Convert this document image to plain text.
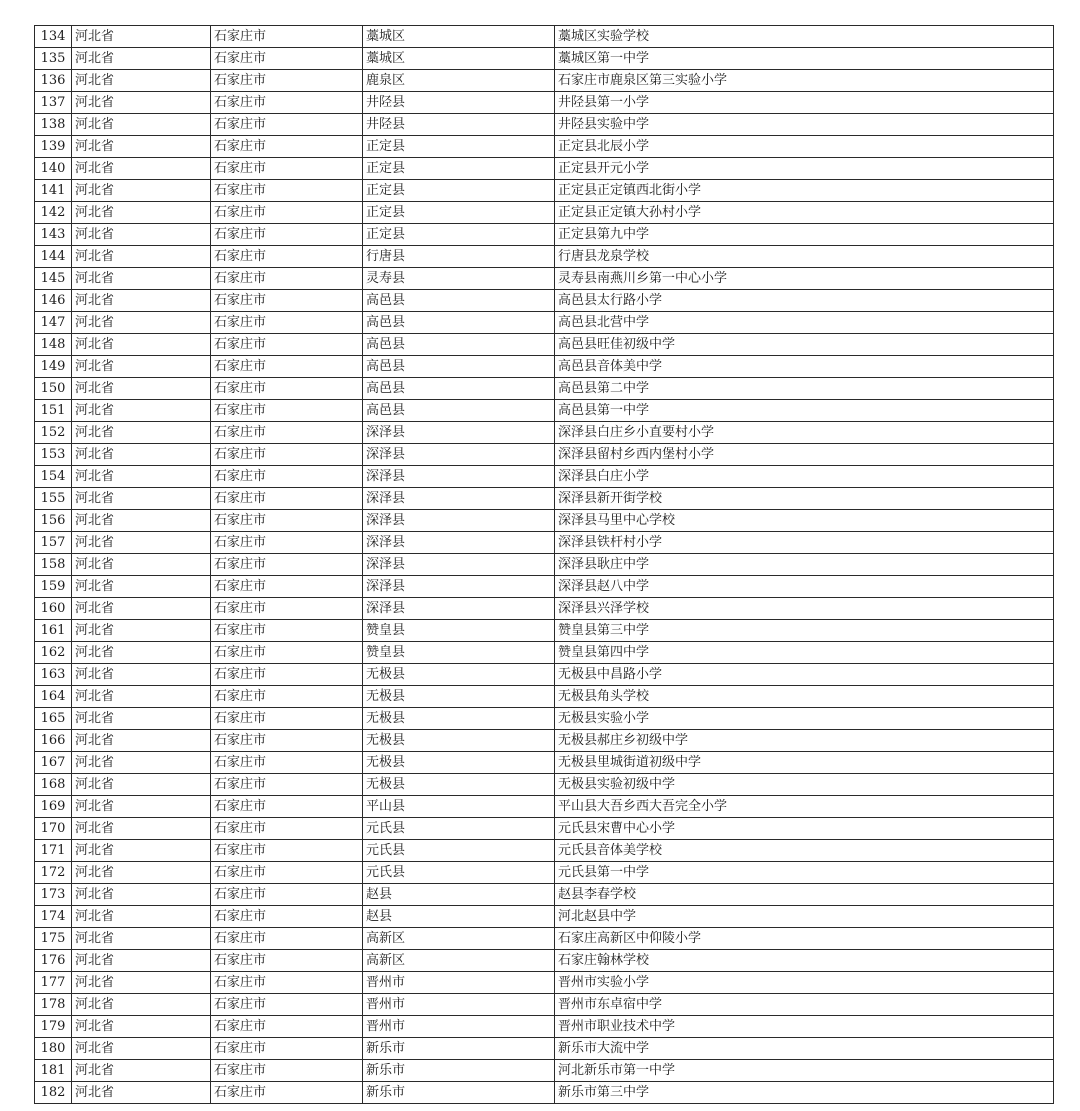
134	河北省	石家庄市	藁城区	藁城区实验学校
135	河北省	石家庄市	藁城区	藁城区第一中学
136	河北省	石家庄市	鹿泉区	石家庄市鹿泉区第三实验小学
137	河北省	石家庄市	井陉县	井陉县第一小学
138	河北省	石家庄市	井陉县	井陉县实验中学
139	河北省	石家庄市	正定县	正定县北辰小学
140	河北省	石家庄市	正定县	正定县开元小学
141	河北省	石家庄市	正定县	正定县正定镇西北街小学
142	河北省	石家庄市	正定县	正定县正定镇大孙村小学
143	河北省	石家庄市	正定县	正定县第九中学
144	河北省	石家庄市	行唐县	行唐县龙泉学校
145	河北省	石家庄市	灵寿县	灵寿县南燕川乡第一中心小学
146	河北省	石家庄市	高邑县	高邑县太行路小学
147	河北省	石家庄市	高邑县	高邑县北营中学
148	河北省	石家庄市	高邑县	高邑县旺佳初级中学
149	河北省	石家庄市	高邑县	高邑县音体美中学
150	河北省	石家庄市	高邑县	高邑县第二中学
151	河北省	石家庄市	高邑县	高邑县第一中学
152	河北省	石家庄市	深泽县	深泽县白庄乡小直要村小学
153	河北省	石家庄市	深泽县	深泽县留村乡西内堡村小学
154	河北省	石家庄市	深泽县	深泽县白庄小学
155	河北省	石家庄市	深泽县	深泽县新开街学校
156	河北省	石家庄市	深泽县	深泽县马里中心学校
157	河北省	石家庄市	深泽县	深泽县铁杆村小学
158	河北省	石家庄市	深泽县	深泽县耿庄中学
159	河北省	石家庄市	深泽县	深泽县赵八中学
160	河北省	石家庄市	深泽县	深泽县兴泽学校
161	河北省	石家庄市	赞皇县	赞皇县第三中学
162	河北省	石家庄市	赞皇县	赞皇县第四中学
163	河北省	石家庄市	无极县	无极县中昌路小学
164	河北省	石家庄市	无极县	无极县角头学校
165	河北省	石家庄市	无极县	无极县实验小学
166	河北省	石家庄市	无极县	无极县郝庄乡初级中学
167	河北省	石家庄市	无极县	无极县里城街道初级中学
168	河北省	石家庄市	无极县	无极县实验初级中学
169	河北省	石家庄市	平山县	平山县大吾乡西大吾完全小学
170	河北省	石家庄市	元氏县	元氏县宋曹中心小学
171	河北省	石家庄市	元氏县	元氏县音体美学校
172	河北省	石家庄市	元氏县	元氏县第一中学
173	河北省	石家庄市	赵县	赵县李春学校
174	河北省	石家庄市	赵县	河北赵县中学
175	河北省	石家庄市	高新区	石家庄高新区中仰陵小学
176	河北省	石家庄市	高新区	石家庄翰林学校
177	河北省	石家庄市	晋州市	晋州市实验小学
178	河北省	石家庄市	晋州市	晋州市东卓宿中学
179	河北省	石家庄市	晋州市	晋州市职业技术中学
180	河北省	石家庄市	新乐市	新乐市大流中学
181	河北省	石家庄市	新乐市	河北新乐市第一中学
182	河北省	石家庄市	新乐市	新乐市第三中学
